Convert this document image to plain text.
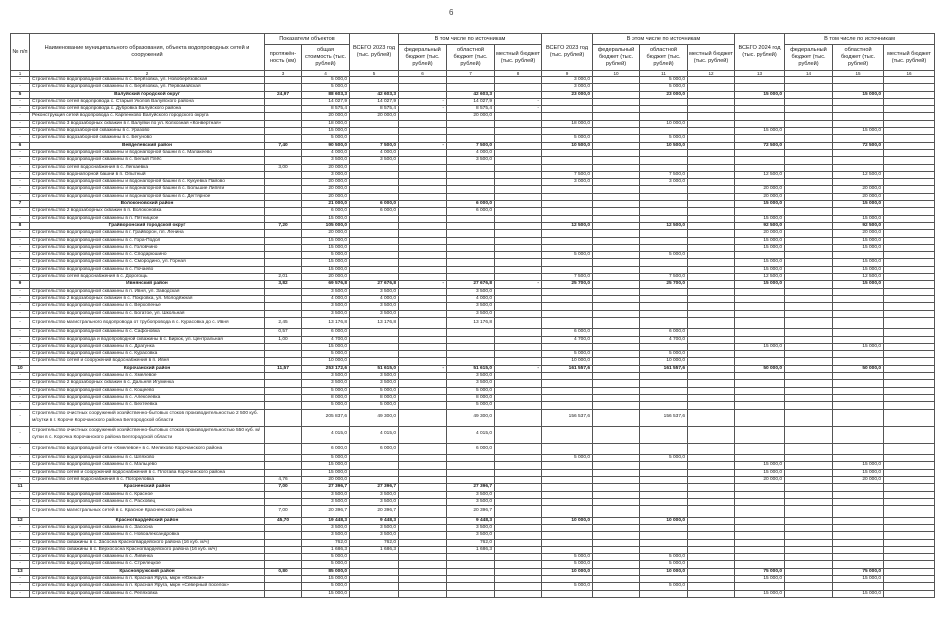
6
№ п/п	Наименование муниципального образования, объекта водопроводных сетей и сооружений	Показатели объектов		ВСЕГО 2023 год (тыс. рублей)	В том числе по источникам			ВСЕГО 2023 год (тыс. рублей)	В этом числе по источникам			ВСЕГО 2024 год (тыс. рублей)	В том числе по источникам		
		протяжён-ность (км)	общая стоимость (тыс. рублей)		федеральный бюджет (тыс. рублей)	областной бюджет (тыс. рублей)	местный бюджет (тыс. рублей)		федеральный бюджет (тыс. рублей)	областной бюджет (тыс. рублей)	местный бюджет (тыс. рублей)		федеральный бюджет (тыс. рублей)	областной бюджет (тыс. рублей)	местный бюджет (тыс. рублей)
1	2	3	4	5	6	7	8	9	10	11	12	13	14	15	16
-	Строительство водопроводной скважины в с. Берёзовка, ул. Новоберёзовская		5 000,0					3 000,0		5 000,0					
-	Строительство водопроводной скважины в с. Берёзовка, ул. Первомайская		5 000,0					3 000,0		5 000,0					
5	Валуйский городской округ	24,97	88 603,3	42 603,3		42 603,3		23 000,0		23 000,0		15 000,0		15 000,0	
-	Строительство сетей водопровода с. Старый Уколов Валуйского района		14 027,9	14 027,9	-	14 027,9	-								
-	Строительство сетей водопровода с. Дубровка Валуйского района		8 575,4	8 575,4	-	8 575,4	-								
-	Реконструкция сетей водопровода с. Карпенково Валуйского городского округа		20 000,0	20 000,0		20 000,0									
-	Строительство 3 водозаборных скважин в г. Валуйки по ул. Колхозная «Конвертная»		18 000,0					18 000,0		10 000,0					
-	Строительство водозаборной скважины в с. Уразово		15 000,0									15 000,0		15 000,0	
-	Строительство водозаборной скважины в с. Бегуново		5 000,0					5 000,0		5 000,0					
6	Вейделевский район	7,40	90 500,0	7 500,0	-	7 500,0		10 500,0		10 500,0		72 500,0		72 500,0	
-	Строительство водопроводной скважины и водонапорной башни в с. Малакеево		4 000,0	4 000,0		4 000,0									
-	Строительство водопроводной скважины в с. Белый Плёс		3 500,0	3 500,0		3 500,0									
-	Строительство сетей водоснабжения в с. Легкаевка	3,00	20 000,0												
-	Строительство водонапорной башни в п. Опытный		3 000,0					7 500,0		7 500,0		12 500,0		12 500,0	
-	Строительство водопроводной скважины и водонапорной башни в с. Кукуевка Пайово		20 000,0					3 000,0		3 000,0					
-	Строительство водопроводной скважины и водонапорной башни в с. Большие Липяги		20 000,0									20 000,0		20 000,0	
-	Строительство водопроводной скважины и водонапорной башни в с. Дегтярное		20 000,0									20 000,0		20 000,0	
7	Волоконовский район		21 000,0	6 000,0		6 000,0						15 000,0		15 000,0	
-	Строительство 2 водозаборных скважин в п. Волоконовка		6 000,0	6 000,0		6 000,0									
-	Строительство водопроводной скважины в п. Пятницкое		15 000,0									15 000,0		15 000,0	
8	Грайворонский городской округ	7,20	105 000,0					12 500,0		12 500,0		92 500,0		92 500,0	
-	Строительство водопроводной скважины в г. Грайворон, пл. Ленина		20 000,0									20 000,0		20 000,0	
-	Строительство водопроводной скважины в с. Гора-Подол		15 000,0									15 000,0		15 000,0	
-	Строительство водопроводной скважины в с. Головчино		15 000,0									15 000,0		15 000,0	
-	Строительство водопроводной скважины в с. Сподарюшино		5 000,0					5 000,0		5 000,0					
-	Строительство водопроводной скважины в с. Смородино, ул. Горная		15 000,0									15 000,0		15 000,0	
-	Строительство водопроводной скважины в с. Почаево		15 000,0									15 000,0		15 000,0	
-	Строительство сетей водоснабжения в с. Дорогощь	2,01	20 000,0					7 500,0		7 500,0		12 500,0		12 500,0	
9	Ивнянский район	3,82	69 576,8	27 676,8	-	27 676,8	-	25 700,0		25 700,0		15 000,0		15 000,0	
-	Строительство водопроводной скважины в п. Ивня, ул. Заводская		3 500,0	3 500,0		3 500,0									
-	Строительство 2 водозаборных скважин в с. Покровка, ул. Молодёжная		4 000,0	4 000,0		4 000,0									
-	Строительство водопроводной скважины в с. Верхопенье		3 500,0	3 500,0		3 500,0									
-	Строительство водопроводной скважины в с. Богатое, ул. Школьная		3 500,0	3 500,0		3 500,0									
-	Строительство магистрального водопровода от трубопровода в с. Курасовка до с. Ивня	2,45	13 176,8	13 176,8		13 176,8									
-	Строительство водопроводной скважины в с. Сафоновка	0,57	6 000,0					6 000,0		6 000,0					
-	Строительство водопровода и водопроводной скважины в с. Бирюк, ул. Центральная	1,00	4 700,0					4 700,0		4 700,0					
-	Строительство водопроводной скважины в с. Драгунка		15 000,0									15 000,0		15 000,0	
-	Строительство водопроводной скважины в с. Курасовка		5 000,0					5 000,0		5 000,0					
-	Строительство сетей и сооружений водоснабжения в п. Ивня		10 000,0					10 000,0		10 000,0					
10	Корочанский район	11,57	253 172,6	51 615,0	-	51 615,0	-	161 557,6		161 557,6		50 000,0		50 000,0	
-	Строительство водопроводной скважины в с. Хмелевое		3 500,0	3 500,0		3 500,0									
-	Строительство 2 водозаборных скважин в с. Дальняя Игуменка		3 500,0	3 500,0		3 500,0									
-	Строительство водопроводной скважины в с. Кощеево		5 000,0	5 000,0		5 000,0									
-	Строительство водопроводной скважины в с. Алексеевка		8 000,0	8 000,0		8 000,0									
-	Строительство водопроводной скважины в с. Бехтеевка		5 000,0	5 000,0		5 000,0									
-	Строительство очистных сооружений хозяйственно-бытовых стоков производительностью 2 500 куб. м/сутки в г. Короче Корочанского района Белгородской области		205 837,6	49 300,0		49 300,0		156 537,6		156 537,6					
-	Строительство очистных сооружений хозяйственно-бытовых стоков производительностью 550 куб. м/сутки в с. Корочка Корочанского района Белгородской области		4 015,0	4 015,0		4 015,0									
-	Строительство водопроводной сети «Хмелевое» в с. Мелехово Корочанского района		6 000,0	6 000,0		6 000,0									
-	Строительство водопроводной скважины в с. Шляхово		5 000,0					5 000,0		5 000,0					
-	Строительство водопроводной скважины в с. Мальцево		15 000,0									15 000,0		15 000,0	
-	Строительство сетей и сооружений водоснабжения в с. Плотава Корочанского района		15 000,0									15 000,0		15 000,0	
-	Строительство сетей водоснабжения в с. Погореловка	4,76	20 000,0									20 000,0		20 000,0	
11	Красненский район	7,00	27 396,7	27 396,7		27 396,7									
-	Строительство водопроводной скважины в с. Красное		3 500,0	3 500,0		3 500,0									
-	Строительство водопроводной скважины в с. Расховец		3 500,0	3 500,0		3 500,0									
-	Строительство магистральных сетей в с. Красное Красненского района	7,00	20 396,7	20 396,7		20 396,7									
12	Красногвардейский район	45,70	19 448,3	9 448,3		9 448,3		10 000,0		10 000,0					
-	Строительство водопроводной скважины в с. Засосна		3 500,0	3 500,0		3 500,0									
-	Строительство водопроводной скважины в с. Новоалександровка		3 500,0	3 500,0		3 500,0									
-	Строительство скважины в с. Засосна Красногвардейского района (16 куб. м/ч)		762,0	762,0		762,0									
-	Строительство скважины в с. Верхососна Красногвардейского района (16 куб. м/ч)		1 686,3	1 686,3		1 686,3									
-	Строительство водопроводной скважины в с. Ливенка		5 000,0					5 000,0		5 000,0					
-	Строительство водопроводной скважины в с. Стрелецкое		5 000,0					5 000,0		5 000,0					
13	Краснояружский район	0,80	85 000,0					10 000,0		10 000,0		75 000,0		75 000,0	
-	Строительство водопроводной скважины в п. Красная Яруга, мкрн «Южный»		15 000,0									15 000,0		15 000,0	
-	Строительство водопроводной скважины в п. Красная Яруга, мкрн «Северный поселок»		5 000,0					5 000,0		5 000,0					
-	Строительство водопроводной скважины в с. Репяховка		15 000,0									15 000,0		15 000,0	
